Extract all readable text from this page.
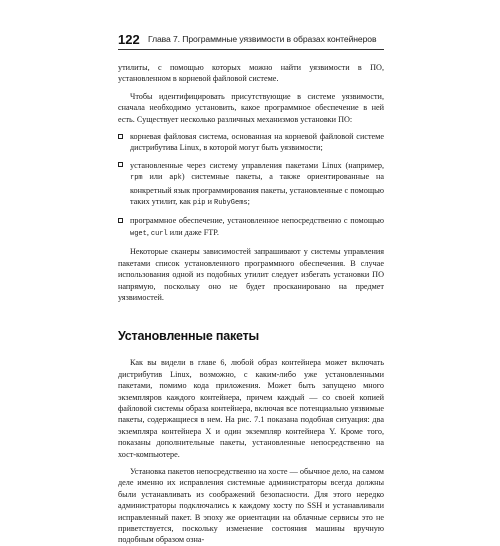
122 Глава 7. Программные уязвимости в образах контейнеров

утилиты, с помощью которых можно найти уязвимости в ПО, установленном в корневой файловой системе.

Чтобы идентифицировать присутствующие в системе уязвимости, сначала необходимо установить, какое программное обеспечение в ней есть. Существует несколько различных механизмов установки ПО:

корневая файловая система, основанная на корневой файловой системе дистрибутива Linux, в которой могут быть уязвимости;
установленные через систему управления пакетами Linux (например, rpm или apk) системные пакеты, а также ориентированные на конкретный язык программирования пакеты, установленные с помощью таких утилит, как pip и RubyGems;
программное обеспечение, установленное непосредственно с помощью wget, curl или даже FTP.

Некоторые сканеры зависимостей запрашивают у системы управления пакетами список установленного программного обеспечения. В случае использования одной из подобных утилит следует избегать установки ПО напрямую, поскольку оно не будет просканировано на предмет уязвимостей.

Установленные пакеты

Как вы видели в главе 6, любой образ контейнера может включать дистрибутив Linux, возможно, с каким-либо уже установленными пакетами, помимо кода приложения. Может быть запущено много экземпляров каждого контейнера, причем каждый — со своей копией файловой системы образа контейнера, включая все потенциально уязвимые пакеты, содержащиеся в нем. На рис. 7.1 показана подобная ситуация: два экземпляра контейнера X и один экземпляр контейнера Y. Кроме того, показаны дополнительные пакеты, установленные непосредственно на хост-компьютере.

Установка пакетов непосредственно на хосте — обычное дело, на самом деле именно их исправления системные администраторы всегда должны были устанавливать из соображений безопасности. Для этого нередко администраторы подключались к каждому хосту по SSH и устанавливали исправленный пакет. В эпоху же ориентации на облачные сервисы это не приветствуется, поскольку изменение состояния машины вручную подобным образом озна-
